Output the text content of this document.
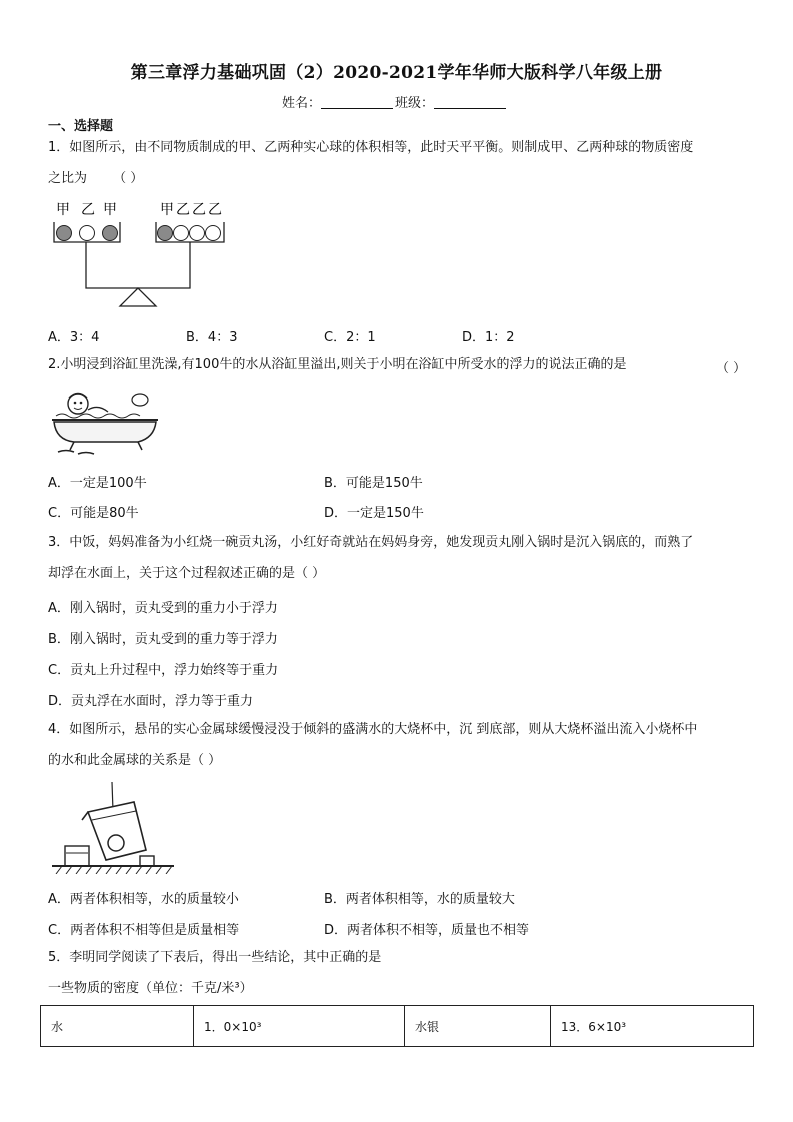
第三章浮力基础巩固（2）2020-2021学年华师大版科学八年级上册
姓名：	班级：
一、选择题
1．如图所示，由不同物质制成的甲、乙两种实心球的体积相等，此时天平平衡。则制成甲、乙两种球的物质密度
之比为 （ ）
甲 乙 甲	甲 乙 乙 乙
A．3：4	B．4：3	C．2：1	D．1：2
2.小明浸到浴缸里洗澡,有100牛的水从浴缸里溢出,则关于小明在浴缸中所受水的浮力的说法正确的是	（ ）
A．一定是100牛	B．可能是150牛
C．可能是80牛	D．一定是150牛
3．中饭，妈妈准备为小红烧一碗贡丸汤，小红好奇就站在妈妈身旁，她发现贡丸刚入锅时是沉入锅底的，而熟了
却浮在水面上，关于这个过程叙述正确的是（ ）
A．刚入锅时，贡丸受到的重力小于浮力
B．刚入锅时，贡丸受到的重力等于浮力
C．贡丸上升过程中，浮力始终等于重力
D．贡丸浮在水面时，浮力等于重力
4．如图所示，悬吊的实心金属球缓慢浸没于倾斜的盛满水的大烧杯中，沉 到底部，则从大烧杯溢出流入小烧杯中
的水和此金属球的关系是（ ）
A．两者体积相等，水的质量较小	B．两者体积相等，水的质量较大
C．两者体积不相等但是质量相等	D．两者体积不相等，质量也不相等
5．李明同学阅读了下表后，得出一些结论，其中正确的是
一些物质的密度（单位：千克/米³）
水	1．0×10³	水银	13．6×10³
